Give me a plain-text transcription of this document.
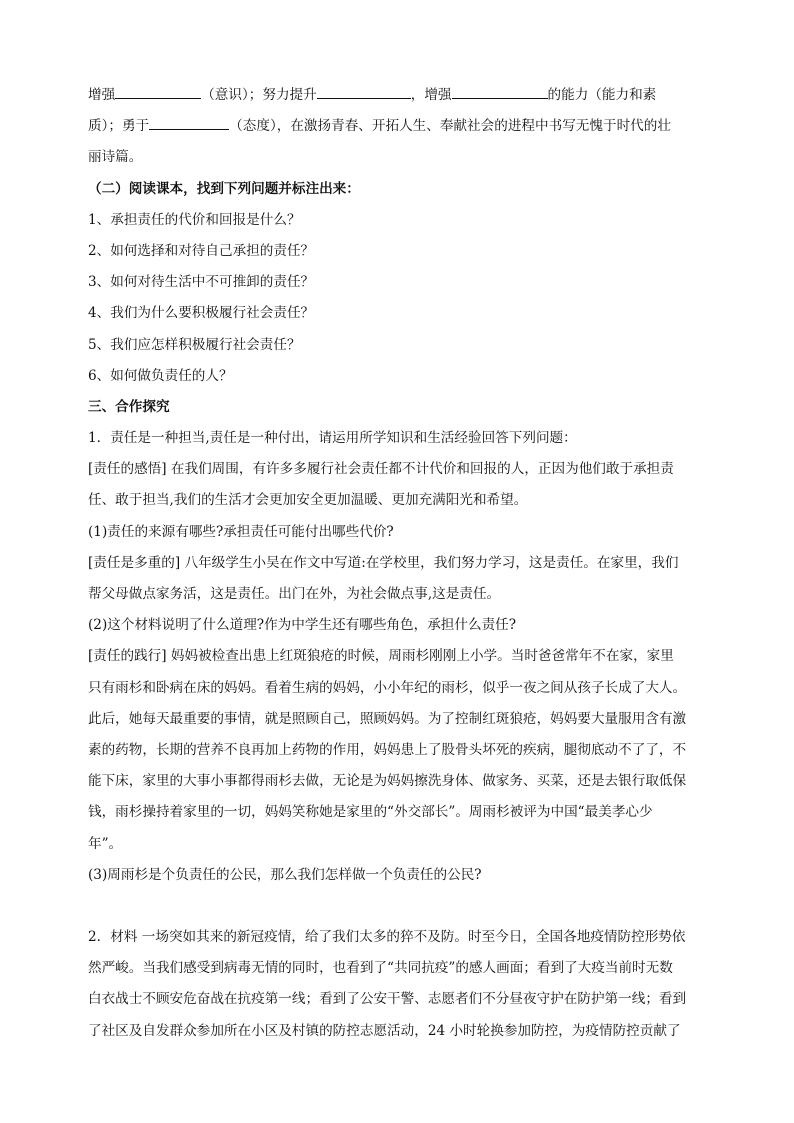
增强	（意识）；努力提升	，增强	的能力（能力和素
质）；勇于	（态度），在激扬青春、开拓人生、奉献社会的进程中书写无愧于时代的壮
丽诗篇。
（二）阅读课本，找到下列问题并标注出来：
1、承担责任的代价和回报是什么？
2、如何选择和对待自己承担的责任？
3、如何对待生活中不可推卸的责任？
4、我们为什么要积极履行社会责任？
5、我们应怎样积极履行社会责任？
6、如何做负责任的人？
三、合作探究
1．责任是一种担当,责任是一种付出，请运用所学知识和生活经验回答下列问题：
[责任的感悟] 在我们周围，有许多多履行社会责任都不计代价和回报的人，正因为他们敢于承担责
任、敢于担当,我们的生活才会更加安全更加温暖、更加充满阳光和希望。
(1)责任的来源有哪些?承担责任可能付出哪些代价?
[责任是多重的] 八年级学生小吴在作文中写道:在学校里，我们努力学习，这是责任。在家里，我们
帮父母做点家务活，这是责任。出门在外，为社会做点事,这是责任。
(2)这个材料说明了什么道理?作为中学生还有哪些角色，承担什么责任?
[责任的践行] 妈妈被检查出患上红斑狼疮的时候，周雨杉刚刚上小学。当时爸爸常年不在家，家里
只有雨杉和卧病在床的妈妈。看着生病的妈妈，小小年纪的雨杉，似乎一夜之间从孩子长成了大人。
此后，她每天最重要的事情，就是照顾自己，照顾妈妈。为了控制红斑狼疮，妈妈要大量服用含有激
素的药物，长期的营养不良再加上药物的作用，妈妈患上了股骨头坏死的疾病，腿彻底动不了了，不
能下床，家里的大事小事都得雨杉去做，无论是为妈妈擦洗身体、做家务、买菜，还是去银行取低保
钱，雨杉操持着家里的一切，妈妈笑称她是家里的“外交部长”。周雨杉被评为中国“最美孝心少
年”。
(3)周雨杉是个负责任的公民，那么我们怎样做一个负责任的公民?
2．材料 一场突如其来的新冠疫情，给了我们太多的猝不及防。时至今日，全国各地疫情防控形势依
然严峻。当我们感受到病毒无情的同时，也看到了“共同抗疫”的感人画面；看到了大疫当前时无数
白衣战士不顾安危奋战在抗疫第一线；看到了公安干警、志愿者们不分昼夜守护在防护第一线；看到
了社区及自发群众参加所在小区及村镇的防控志愿活动，24 小时轮换参加防控，为疫情防控贡献了
